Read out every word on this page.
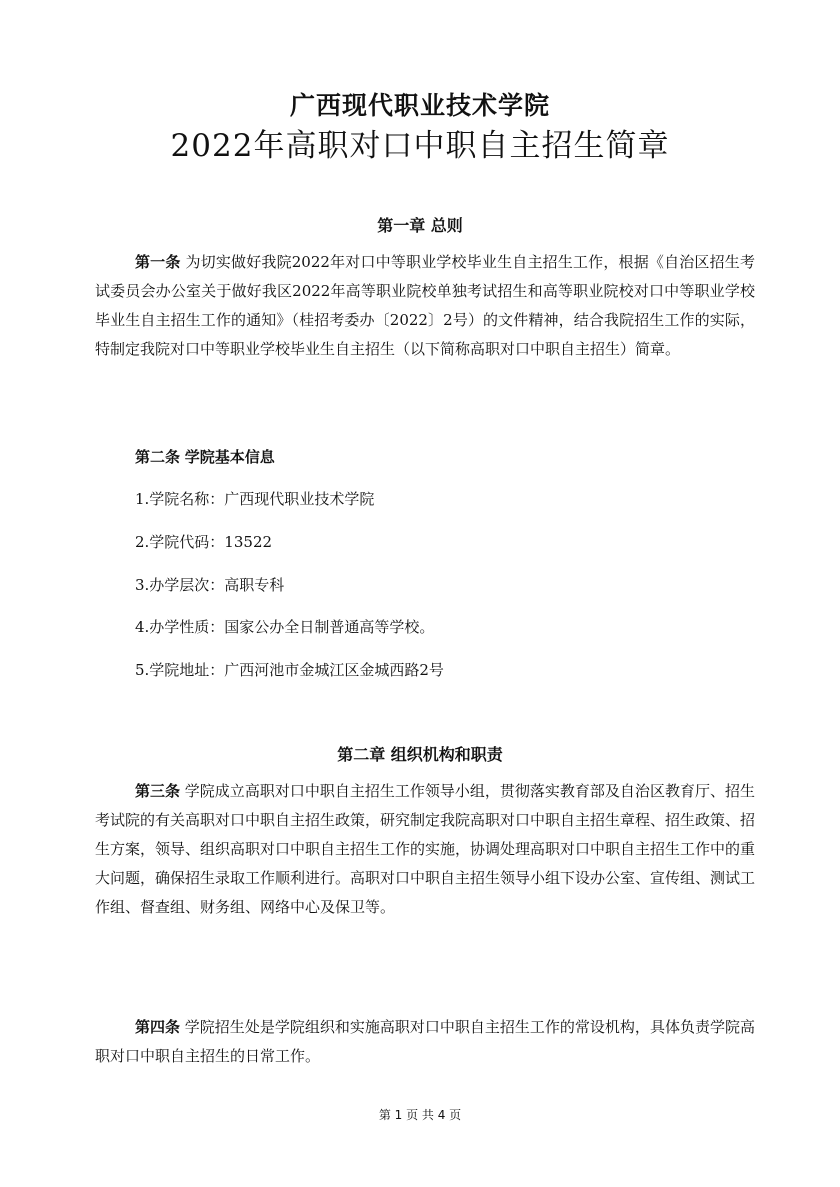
广西现代职业技术学院
2022年高职对口中职自主招生简章
第一章 总则
第一条 为切实做好我院2022年对口中等职业学校毕业生自主招生工作，根据《自治区招生考试委员会办公室关于做好我区2022年高等职业院校单独考试招生和高等职业院校对口中等职业学校毕业生自主招生工作的通知》（桂招考委办〔2022〕2号）的文件精神，结合我院招生工作的实际，特制定我院对口中等职业学校毕业生自主招生（以下简称高职对口中职自主招生）简章。
第二条 学院基本信息
1.学院名称：广西现代职业技术学院
2.学院代码：13522
3.办学层次：高职专科
4.办学性质：国家公办全日制普通高等学校。
5.学院地址：广西河池市金城江区金城西路2号
第二章 组织机构和职责
第三条 学院成立高职对口中职自主招生工作领导小组，贯彻落实教育部及自治区教育厅、招生考试院的有关高职对口中职自主招生政策，研究制定我院高职对口中职自主招生章程、招生政策、招生方案，领导、组织高职对口中职自主招生工作的实施，协调处理高职对口中职自主招生工作中的重大问题，确保招生录取工作顺利进行。高职对口中职自主招生领导小组下设办公室、宣传组、测试工作组、督查组、财务组、网络中心及保卫等。
第四条 学院招生处是学院组织和实施高职对口中职自主招生工作的常设机构，具体负责学院高职对口中职自主招生的日常工作。
第 1 页 共 4 页
